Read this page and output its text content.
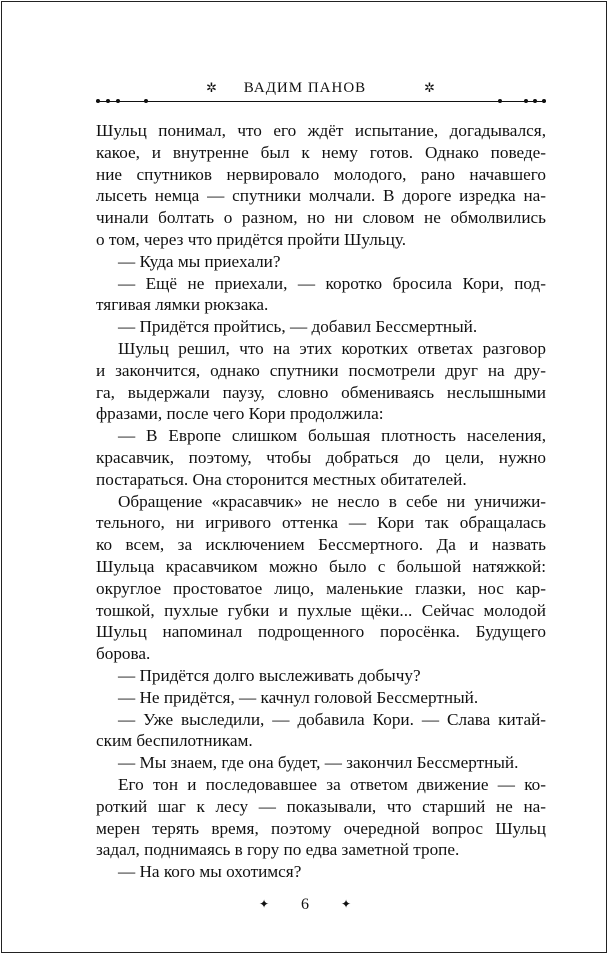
✲ ВАДИМ ПАНОВ	✲
Шульц понимал, что его ждёт испытание, догадывался,
какое, и внутренне был к нему готов. Однако поведе-
ние спутников нервировало молодого, рано начавшего
лысеть немца — спутники молчали. В дороге изредка на-
чинали болтать о разном, но ни словом не обмолвились
о том, через что придётся пройти Шульцу.
— Куда мы приехали?
— Ещё не приехали, — коротко бросила Кори, под-
тягивая лямки рюкзака.
— Придётся пройтись, — добавил Бессмертный.
Шульц решил, что на этих коротких ответах разговор
и закончится, однако спутники посмотрели друг на дру-
га, выдержали паузу, словно обмениваясь неслышными
фразами, после чего Кори продолжила:
— В Европе слишком большая плотность населения,
красавчик, поэтому, чтобы добраться до цели, нужно
постараться. Она сторонится местных обитателей.
Обращение «красавчик» не несло в себе ни уничижи-
тельного, ни игривого оттенка — Кори так обращалась
ко всем, за исключением Бессмертного. Да и назвать
Шульца красавчиком можно было с большой натяжкой:
округлое простоватое лицо, маленькие глазки, нос кар-
тошкой, пухлые губки и пухлые щёки... Сейчас молодой
Шульц напоминал подрощенного поросёнка. Будущего
борова.
— Придётся долго выслеживать добычу?
— Не придётся, — качнул головой Бессмертный.
— Уже выследили, — добавила Кори. — Слава китай-
ским беспилотникам.
— Мы знаем, где она будет, — закончил Бессмертный.
Его тон и последовавшее за ответом движение — ко-
роткий шаг к лесу — показывали, что старший не на-
мерен терять время, поэтому очередной вопрос Шульц
задал, поднимаясь в гору по едва заметной тропе.
— На кого мы охотимся?
✦ 6	✦
